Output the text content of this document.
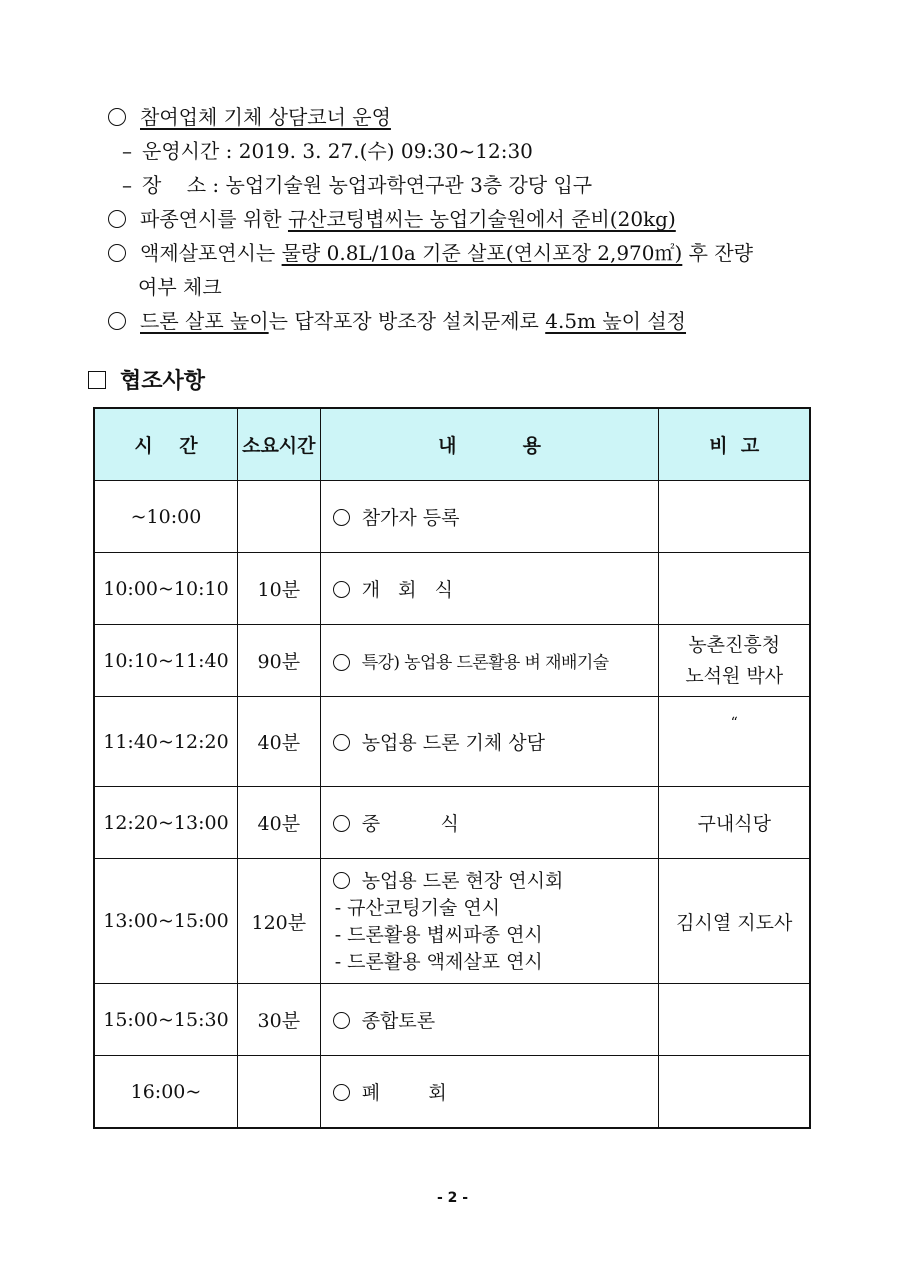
참여업체 기체 상담코너 운영
– 운영시간 : 2019. 3. 27.(수) 09:30~12:30
– 장    소 : 농업기술원 농업과학연구관 3층 강당 입구
파종연시를 위한 규산코팅볍씨는 농업기술원에서 준비(20kg)
액제살포연시는 물량 0.8L/10a 기준 살포(연시포장 2,970㎡) 후 잔량
여부 체크
드론 살포 높이는 답작포장 방조장 설치문제로 4.5m 높이 설정
협조사항
시    간	소요시간	내          용	비  고
~10:00		참가자 등록	

10:00~10:10	10분	개   회   식	

10:10~11:40	90분	특강) 농업용 드론활용 벼 재배기술	농촌진흥청
노석원 박사

11:40~12:20	40분	농업용 드론 기체 상담	“
12:20~13:00	40분	중          식	구내식당
13:00~15:00	120분	농업용 드론 현장 연시회
- 규산코팅기술 연시
- 드론활용 볍씨파종 연시
- 드론활용 액제살포 연시	김시열 지도사
15:00~15:30	30분	종합토론	

16:00~		폐        회	

- 2 -
